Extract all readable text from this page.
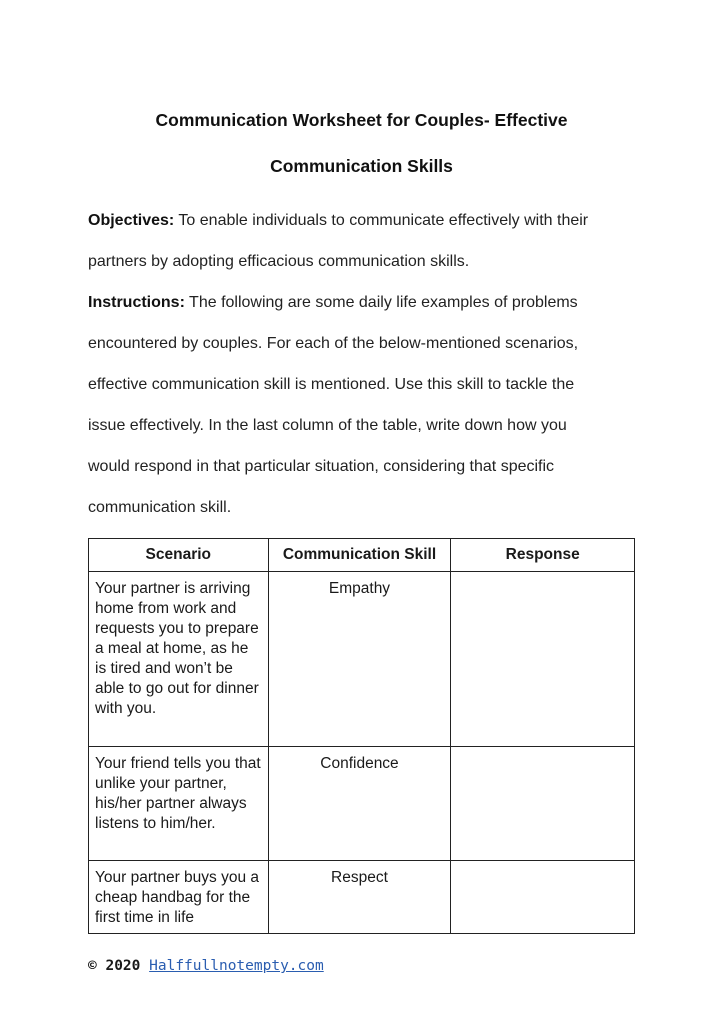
Communication Worksheet for Couples- Effective
Communication Skills
Objectives: To enable individuals to communicate effectively with their
partners by adopting efficacious communication skills.
Instructions: The following are some daily life examples of problems
encountered by couples. For each of the below-mentioned scenarios,
effective communication skill is mentioned. Use this skill to tackle the
issue effectively. In the last column of the table, write down how you
would respond in that particular situation, considering that specific
communication skill.
Scenario	Communication Skill	Response
Your partner is arriving home from work and requests you to prepare a meal at home, as he is tired and won’t be able to go out for dinner with you.	Empathy	
Your friend tells you that unlike your partner, his/her partner always listens to him/her.	Confidence	
Your partner buys you a cheap handbag for the first time in life	Respect	
© 2020 Halffullnotempty.com
